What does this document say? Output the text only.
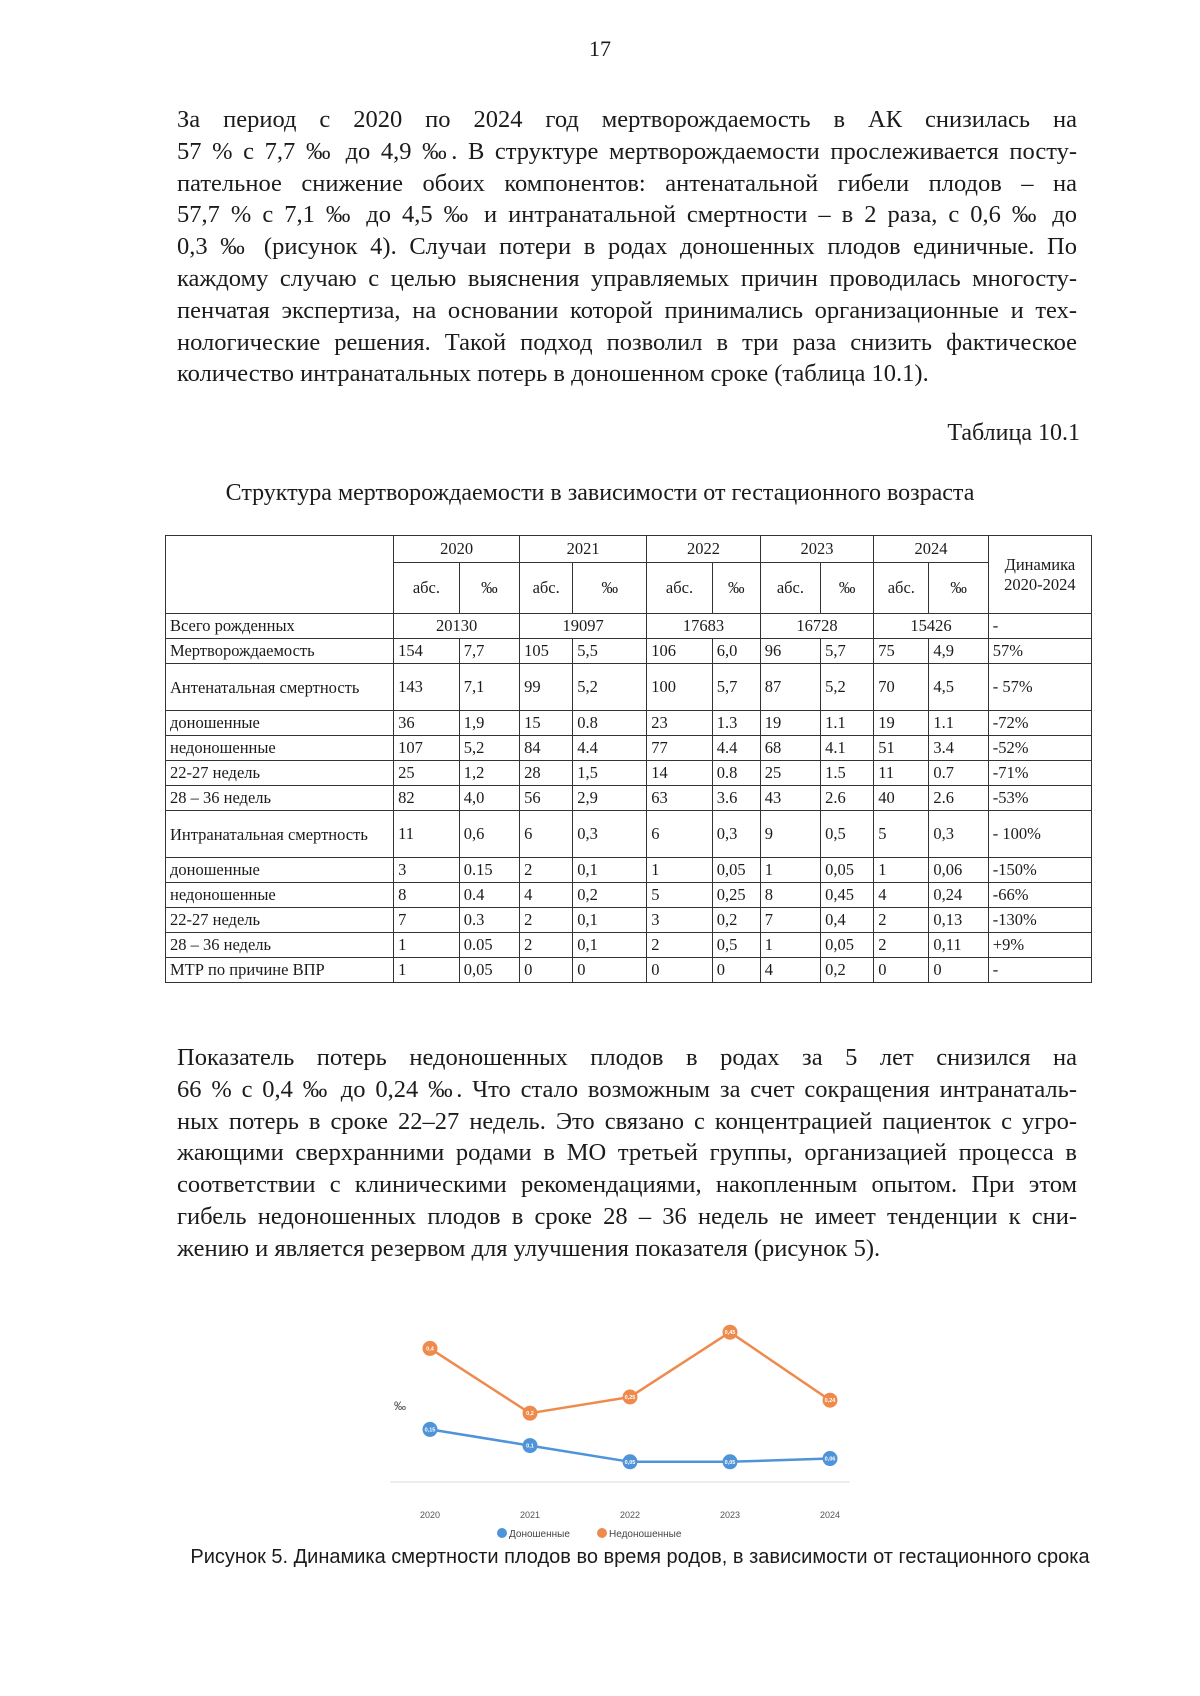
17

За период с 2020 по 2024 год мертворождаемость в АК снизилась на
57 % с 7,7 ‰ до 4,9 ‰. В структуре мертворождаемости прослеживается посту-
пательное снижение обоих компонентов: антенатальной гибели плодов – на
57,7 % с 7,1 ‰ до 4,5 ‰ и интранатальной смертности – в 2 раза, с 0,6 ‰ до
0,3 ‰ (рисунок 4). Случаи потери в родах доношенных плодов единичные. По
каждому случаю с целью выяснения управляемых причин проводилась многосту-
пенчатая экспертиза, на основании которой принимались организационные и тех-
нологические решения. Такой подход позволил в три раза снизить фактическое
количество интранатальных потерь в доношенном сроке (таблица 10.1).

Таблица 10.1
Структура мертворождаемости в зависимости от гестационного возраста
	2020		2021		2022		2023		2024		Динамика
2020-2024

	абс.	‰	абс.	‰	абс.	‰	абс.	‰	абс.	‰	
Всего рожденных	20130		19097		17683		16728		15426		-
Мертворождаемость	154	7,7	105	5,5	106	6,0	96	5,7	75	4,9	57%
Антенатальная смертность	143	7,1	99	5,2	100	5,7	87	5,2	70	4,5	- 57%
доношенные	36	1,9	15	0.8	23	1.3	19	1.1	19	1.1	-72%
недоношенные	107	5,2	84	4.4	77	4.4	68	4.1	51	3.4	-52%
22-27 недель	25	1,2	28	1,5	14	0.8	25	1.5	11	0.7	-71%
28 – 36 недель	82	4,0	56	2,9	63	3.6	43	2.6	40	2.6	-53%
Интранатальная смертность	11	0,6	6	0,3	6	0,3	9	0,5	5	0,3	- 100%
доношенные	3	0.15	2	0,1	1	0,05	1	0,05	1	0,06	-150%
недоношенные	8	0.4	4	0,2	5	0,25	8	0,45	4	0,24	-66%
22-27 недель	7	0.3	2	0,1	3	0,2	7	0,4	2	0,13	-130%
28 – 36 недель	1	0.05	2	0,1	2	0,5	1	0,05	2	0,11	+9%
МТР по причине ВПР	1	0,05	0	0	0	0	4	0,2	0	0	-

Показатель потерь недоношенных плодов в родах за 5 лет снизился на
66 % с 0,4 ‰ до 0,24 ‰. Что стало возможным за счет сокращения интранаталь-
ных потерь в сроке 22–27 недель. Это связано с концентрацией пациенток с угро-
жающими сверхранними родами в МО третьей группы, организацией процесса в
соответствии с клиническими рекомендациями, накопленным опытом. При этом
гибель недоношенных плодов в сроке 28 – 36 недель не имеет тенденции к сни-
жению и является резервом для улучшения показателя (рисунок 5).

‰
2020	2021	2022	2023	2024
0,15
0,1
0,05	0,05
0,06
0,4
0,2
0,25
0,45
0,24
Доношенные	Недоношенные
Рисунок 5. Динамика смертности плодов во время родов, в зависимости от гестационного срока
